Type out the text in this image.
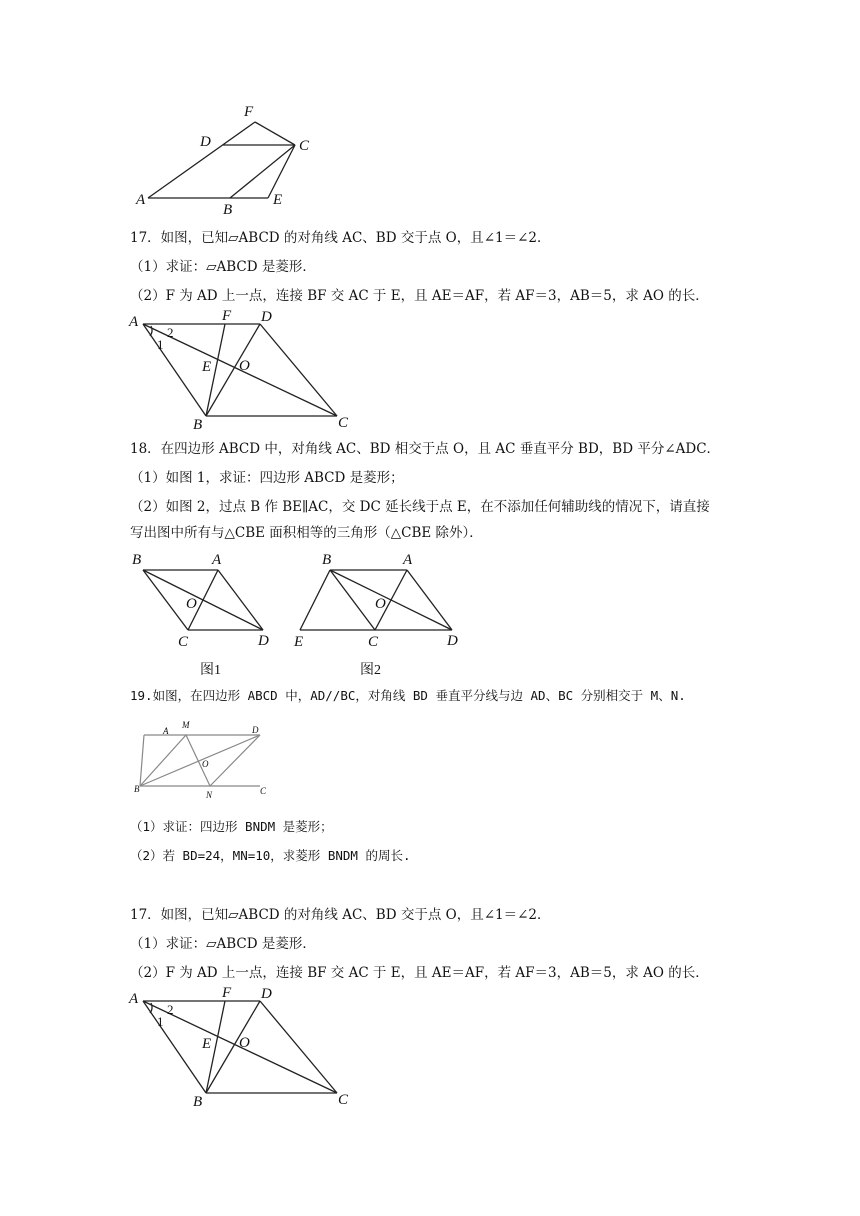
A
B
C
D
E
F
17．如图，已知▱ABCD 的对角线 AC、BD 交于点 O，且∠1＝∠2．
（1）求证：▱ABCD 是菱形．
（2）F 为 AD 上一点，连接 BF 交 AC 于 E，且 AE＝AF，若 AF＝3，AB＝5，求 AO 的长．
A
B	C
D
E
F
O
1
2
18．在四边形 ABCD 中，对角线 AC、BD 相交于点 O，且 AC 垂直平分 BD，BD 平分∠ADC．
（1）如图 1，求证：四边形 ABCD 是菱形；
（2）如图 2，过点 B 作 BE∥AC，交 DC 延长线于点 E，在不添加任何辅助线的情况下，请直接
写出图中所有与△CBE 面积相等的三角形（△CBE 除外）．
B	A
C	D
O
图1
B	A
E	C	D
O
图2
19.如图，在四边形 ABCD 中，AD//BC，对角线 BD 垂直平分线与边 AD、BC 分别相交于 M、N.
A
M	D
O
B
N	C
（1）求证：四边形 BNDM 是菱形；
（2）若 BD=24，MN=10，求菱形 BNDM 的周长.
17．如图，已知▱ABCD 的对角线 AC、BD 交于点 O，且∠1＝∠2．
（1）求证：▱ABCD 是菱形．
（2）F 为 AD 上一点，连接 BF 交 AC 于 E，且 AE＝AF，若 AF＝3，AB＝5，求 AO 的长．
A
B	C
D
E
F
O
1
2
